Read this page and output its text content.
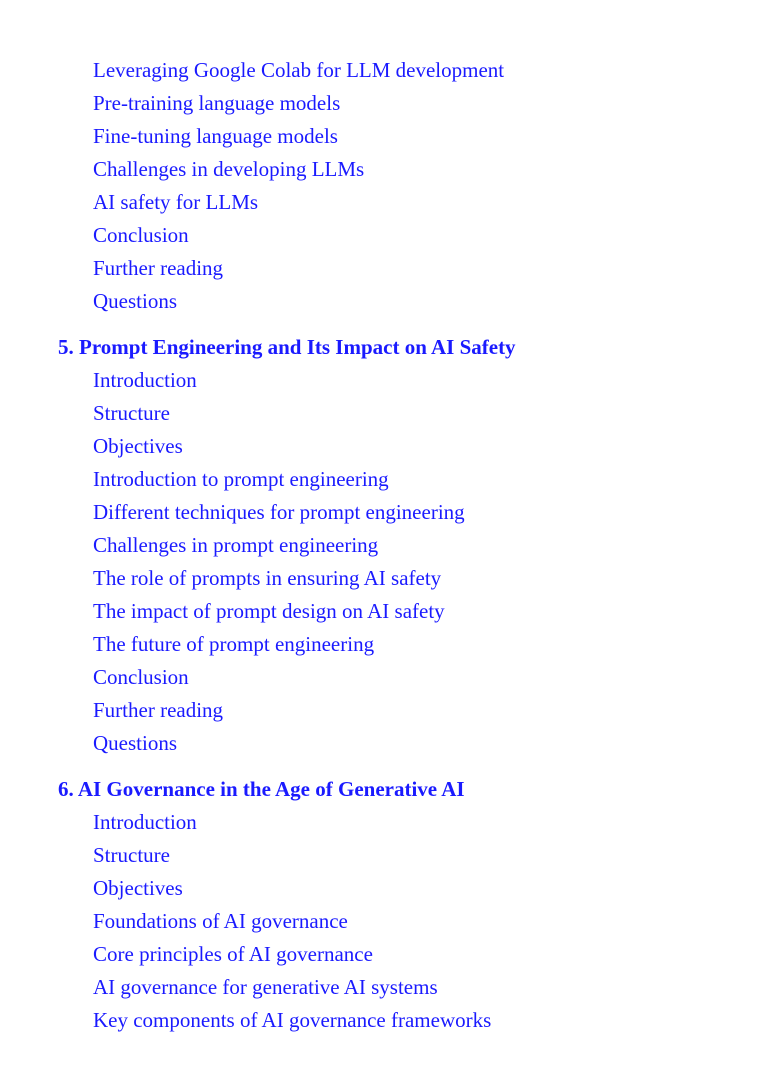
Leveraging Google Colab for LLM development
Pre-training language models
Fine-tuning language models
Challenges in developing LLMs
AI safety for LLMs
Conclusion
Further reading
Questions
5. Prompt Engineering and Its Impact on AI Safety
Introduction
Structure
Objectives
Introduction to prompt engineering
Different techniques for prompt engineering
Challenges in prompt engineering
The role of prompts in ensuring AI safety
The impact of prompt design on AI safety
The future of prompt engineering
Conclusion
Further reading
Questions
6. AI Governance in the Age of Generative AI
Introduction
Structure
Objectives
Foundations of AI governance
Core principles of AI governance
AI governance for generative AI systems
Key components of AI governance frameworks
